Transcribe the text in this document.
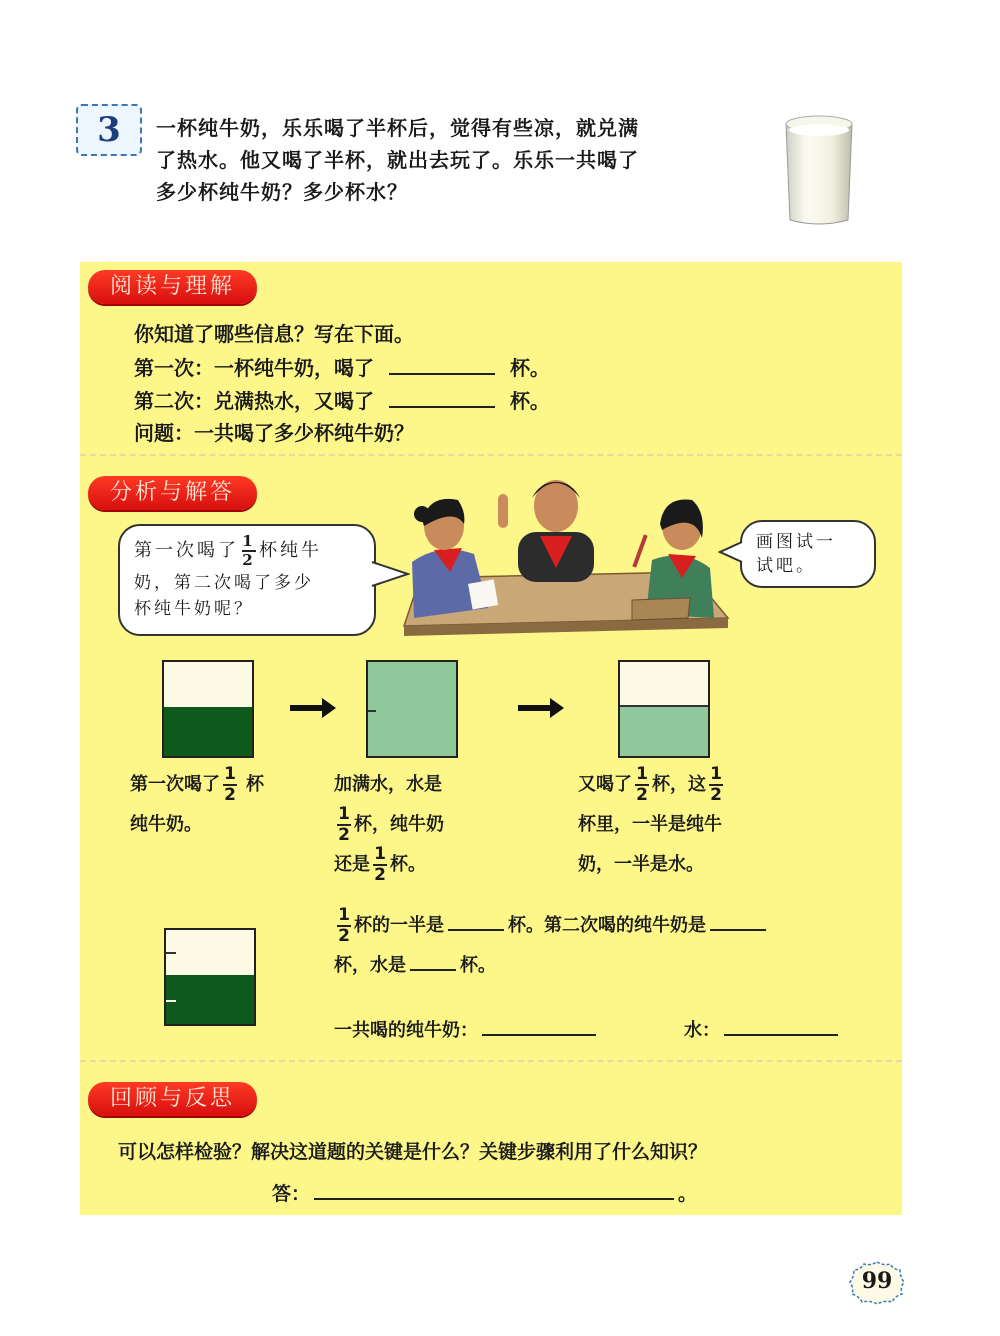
3 一杯纯牛奶，乐乐喝了半杯后，觉得有些凉，就兑满
了热水。他又喝了半杯，就出去玩了。乐乐一共喝了
多少杯纯牛奶？多少杯水？
阅读与理解
你知道了哪些信息？写在下面。
第一次：一杯纯牛奶，喝了	杯。
第二次：兑满热水，又喝了	杯。
问题：一共喝了多少杯纯牛奶？
分析与解答
第一次喝了 $\frac{1}{2}$ 杯纯牛
奶，第二次喝了多少
杯纯牛奶呢？
画图试一
试吧。
第一次喝了 $\frac{1}{2}$ 杯
纯牛奶。
加满水，水是
$\frac{1}{2}$ 杯，纯牛奶
还是 $\frac{1}{2}$ 杯。
又喝了 $\frac{1}{2}$ 杯，这 $\frac{1}{2}$
杯里，一半是纯牛
奶，一半是水。
$\frac{1}{2}$ 杯的一半是	杯。第二次喝的纯牛奶是
杯，水是	杯。
一共喝的纯牛奶：	水：
回顾与反思
可以怎样检验？解决这道题的关键是什么？关键步骤利用了什么知识？
答：	。
99
